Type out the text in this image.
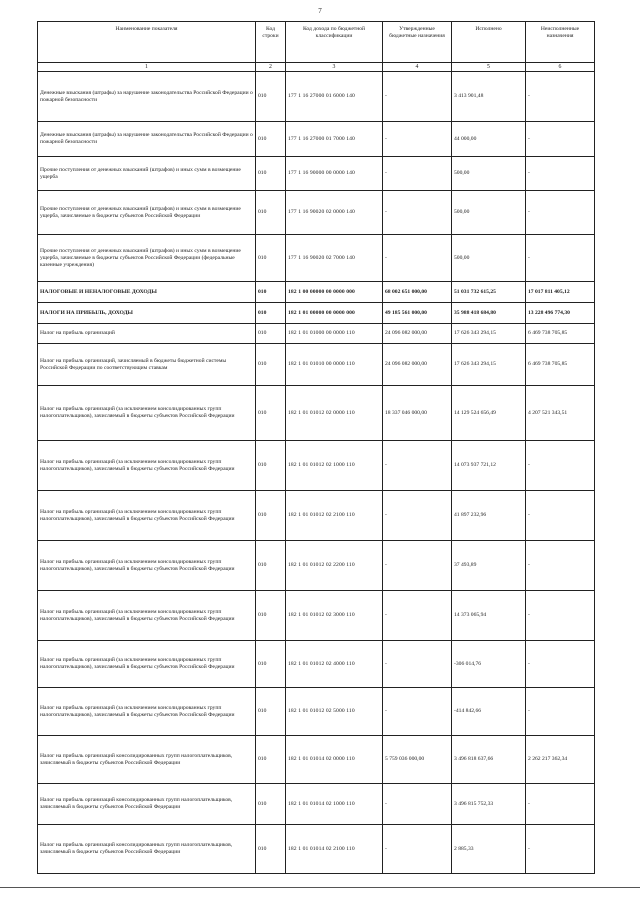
7
Наименование показателя	Код строки	Код дохода по бюджетной классификации	Утвержденные бюджетные назначения	Исполнено	Неисполненные назначения
1	2	3	4	5	6
Денежные взыскания (штрафы) за нарушение законодательства Российской Федерации о пожарной безопасности	010	177 1 16 27000 01 6000 140	-	3 413 901,48	-
Денежные взыскания (штрафы) за нарушение законодательства Российской Федерации о пожарной безопасности	010	177 1 16 27000 01 7000 140	-	44 000,00	-
Прочие поступления от денежных взысканий (штрафов) и иных сумм в возмещение ущерба	010	177 1 16 90000 00 0000 140	-	500,00	-
Прочие поступления от денежных взысканий (штрафов) и иных сумм в возмещение ущерба, зачисляемые в бюджеты субъектов Российской Федерации	010	177 1 16 90020 02 0000 140	-	500,00	-
Прочие поступления от денежных взысканий (штрафов) и иных сумм в возмещение ущерба, зачисляемые в бюджеты субъектов Российской Федерации (федеральные казенные учреждения)	010	177 1 16 90020 02 7000 140	-	500,00	-
НАЛОГОВЫЕ И НЕНАЛОГОВЫЕ ДОХОДЫ	010	182 1 00 00000 00 0000 000	68 002 651 000,00	51 031 732 615,25	17 017 811 405,12
НАЛОГИ НА ПРИБЫЛЬ, ДОХОДЫ	010	182 1 01 00000 00 0000 000	49 185 561 000,00	35 988 418 684,80	13 228 496 774,30
Налог на прибыль организаций	010	182 1 01 01000 00 0000 110	24 096 082 000,00	17 626 343 294,15	6 469 738 705,85
Налог на прибыль организаций, зачисляемый в бюджеты бюджетной системы Российской Федерации по соответствующим ставкам	010	182 1 01 01010 00 0000 110	24 096 082 000,00	17 626 343 294,15	6 469 738 705,85
Налог на прибыль организаций (за исключением консолидированных групп налогоплательщиков), зачисляемый в бюджеты субъектов Российской Федерации	010	182 1 01 01012 02 0000 110	18 337 046 000,00	14 129 524 656,49	4 207 521 343,51
Налог на прибыль организаций (за исключением консолидированных групп налогоплательщиков), зачисляемый в бюджеты субъектов Российской Федерации	010	182 1 01 01012 02 1000 110	-	14 073 937 721,12	-
Налог на прибыль организаций (за исключением консолидированных групп налогоплательщиков), зачисляемый в бюджеты субъектов Российской Федерации	010	182 1 01 01012 02 2100 110	-	41 897 232,96	-
Налог на прибыль организаций (за исключением консолидированных групп налогоплательщиков), зачисляемый в бюджеты субъектов Российской Федерации	010	182 1 01 01012 02 2200 110	-	37 493,89	-
Налог на прибыль организаций (за исключением консолидированных групп налогоплательщиков), зачисляемый в бюджеты субъектов Российской Федерации	010	182 1 01 01012 02 3000 110	-	14 373 065,94	-
Налог на прибыль организаций (за исключением консолидированных групп налогоплательщиков), зачисляемый в бюджеты субъектов Российской Федерации	010	182 1 01 01012 02 4000 110	-	-306 014,76	-
Налог на прибыль организаций (за исключением консолидированных групп налогоплательщиков), зачисляемый в бюджеты субъектов Российской Федерации	010	182 1 01 01012 02 5000 110	-	-414 842,66	-
Налог на прибыль организаций консолидированных групп налогоплательщиков, зачисляемый в бюджеты субъектов Российской Федерации	010	182 1 01 01014 02 0000 110	5 759 036 000,00	3 496 818 637,66	2 262 217 362,34
Налог на прибыль организаций консолидированных групп налогоплательщиков, зачисляемый в бюджеты субъектов Российской Федерации	010	182 1 01 01014 02 1000 110	-	3 496 815 752,33	-
Налог на прибыль организаций консолидированных групп налогоплательщиков, зачисляемый в бюджеты субъектов Российской Федерации	010	182 1 01 01014 02 2100 110	-	2 885,33	-
